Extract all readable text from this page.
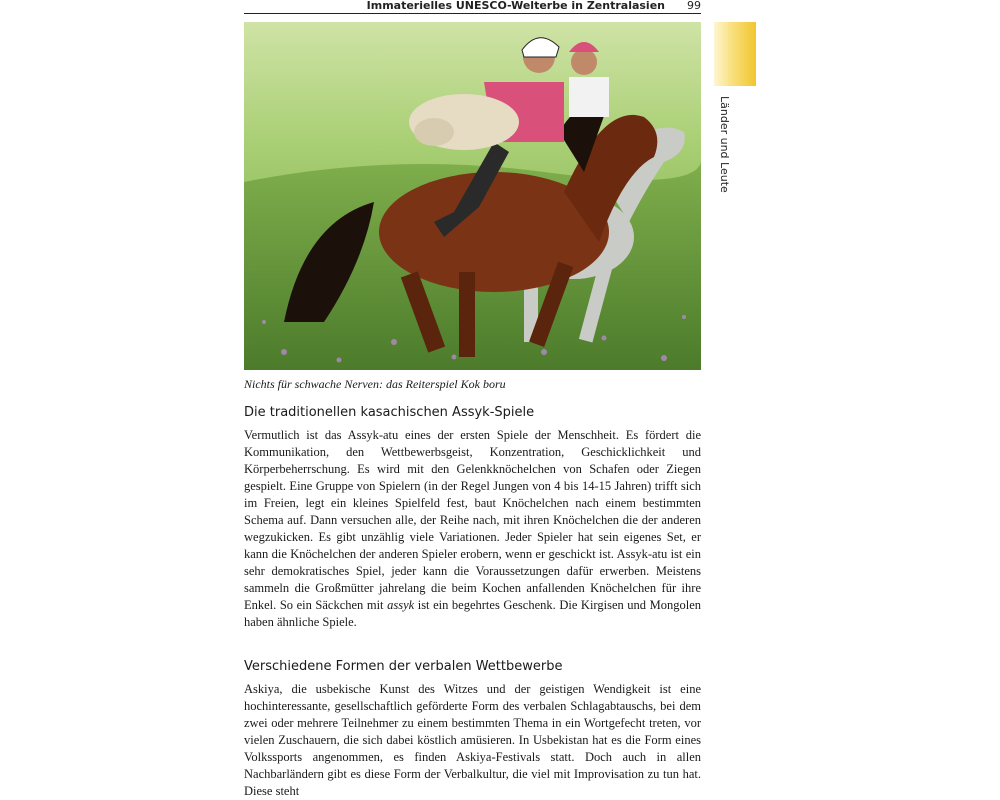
Immaterielles UNESCO-Welterbe in Zentralasien 99
Nichts für schwache Nerven: das Reiterspiel Kok boru
Die traditionellen kasachischen Assyk-Spiele

Vermutlich ist das Assyk-atu eines der ersten Spiele der Menschheit. Es fördert die Kommunikation, den Wettbewerbsgeist, Konzentration, Geschicklichkeit und Körperbeherrschung. Es wird mit den Gelenkknöchelchen von Schafen oder Ziegen gespielt. Eine Gruppe von Spielern (in der Regel Jungen von 4 bis 14-15 Jahren) trifft sich im Freien, legt ein kleines Spielfeld fest, baut Knöchelchen nach einem bestimmten Schema auf. Dann versuchen alle, der Reihe nach, mit ihren Knöchelchen die der anderen wegzukicken. Es gibt unzählig viele Variationen. Jeder Spieler hat sein eigenes Set, er kann die Knöchelchen der anderen Spieler erobern, wenn er geschickt ist. Assyk-atu ist ein sehr demokratisches Spiel, jeder kann die Voraussetzungen dafür erwerben. Meistens sammeln die Großmütter jahrelang die beim Kochen anfallenden Knöchelchen für ihre Enkel. So ein Säckchen mit assyk ist ein begehrtes Geschenk. Die Kirgisen und Mongolen haben ähnliche Spiele.

Verschiedene Formen der verbalen Wettbewerbe

Askiya, die usbekische Kunst des Witzes und der geistigen Wendigkeit ist eine hochinteressante, gesellschaftlich geförderte Form des verbalen Schlagabtauschs, bei dem zwei oder mehrere Teilnehmer zu einem bestimmten Thema in ein Wortgefecht treten, vor vielen Zuschauern, die sich dabei köstlich amüsieren. In Usbekistan hat es die Form eines Volkssports angenommen, es finden Askiya-Festivals statt. Doch auch in allen Nachbarländern gibt es diese Form der Verbalkultur, die viel mit Improvisation zu tun hat. Diese steht

Länder und Leute
